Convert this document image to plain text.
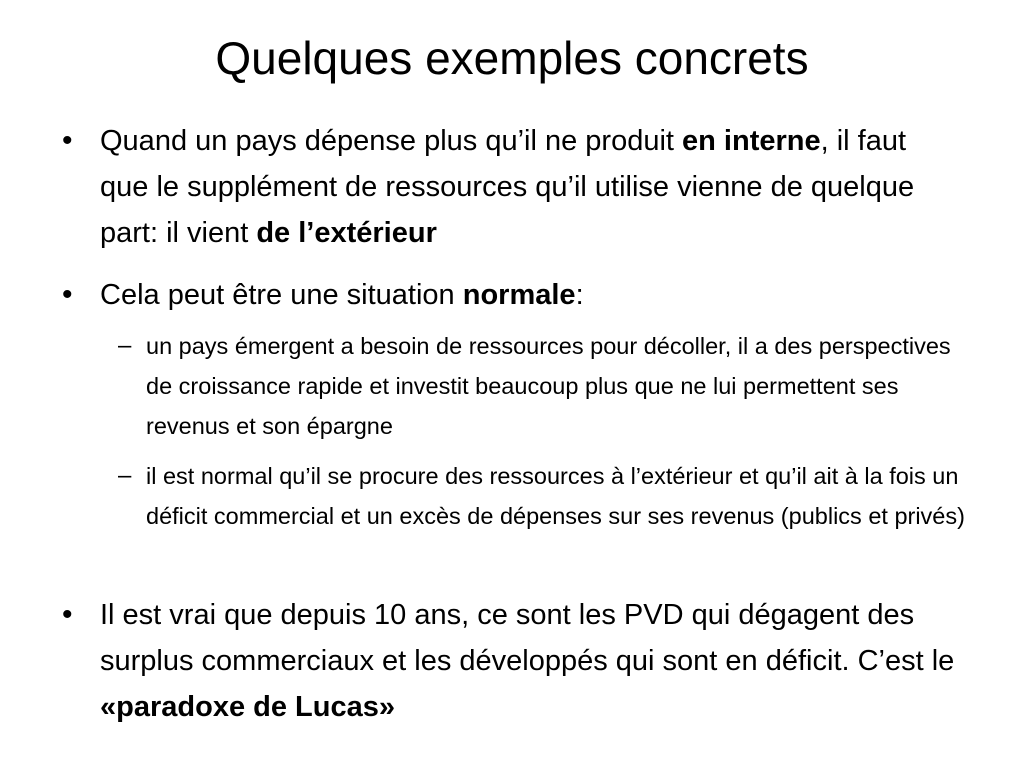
Quelques exemples concrets
• Quand un pays dépense plus qu’il ne produit en interne, il faut que le supplément de ressources qu’il utilise vienne de quelque part: il vient de l’extérieur
• Cela peut être une situation normale:
– un pays émergent a besoin de ressources pour décoller, il a des perspectives de croissance rapide et investit beaucoup plus que ne lui permettent ses revenus et son épargne
– il est normal qu’il se procure des ressources à l’extérieur et qu’il ait à la fois un déficit commercial et un excès de dépenses sur ses revenus (publics et privés)
• Il est vrai que depuis 10 ans, ce sont les PVD qui dégagent des surplus commerciaux et les développés qui sont en déficit. C’est le «paradoxe de Lucas»
